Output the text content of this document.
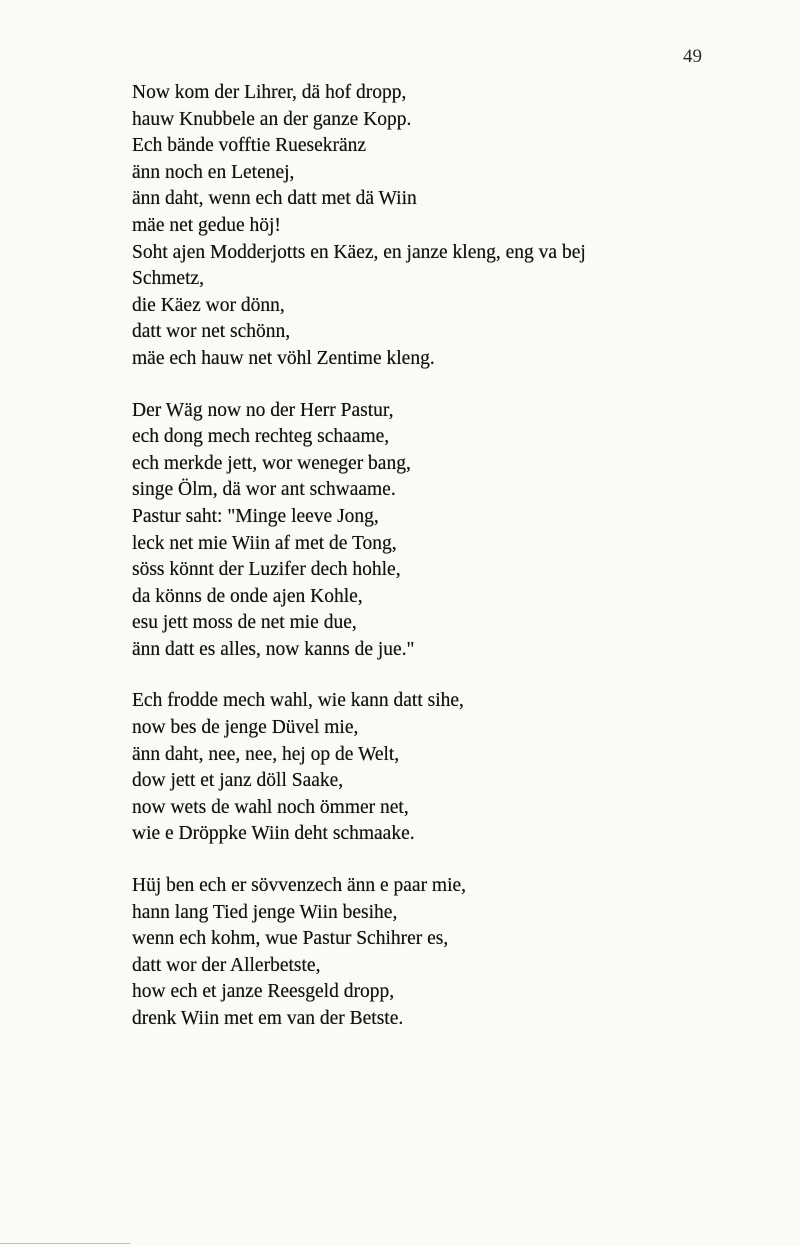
49
Now kom der Lihrer, dä hof dropp,
hauw Knubbele an der ganze Kopp.
Ech bände vofftie Ruesekränz
änn noch en Letenej,
änn daht, wenn ech datt met dä Wiin
mäe net gedue höj!
Soht ajen Modderjotts en Käez, en janze kleng, eng va bej
Schmetz,
die Käez wor dönn,
datt wor net schönn,
mäe ech hauw net vöhl Zentime kleng.
Der Wäg now no der Herr Pastur,
ech dong mech rechteg schaame,
ech merkde jett, wor weneger bang,
singe Ölm, dä wor ant schwaame.
Pastur saht: "Minge leeve Jong,
leck net mie Wiin af met de Tong,
söss könnt der Luzifer dech hohle,
da könns de onde ajen Kohle,
esu jett moss de net mie due,
änn datt es alles, now kanns de jue."
Ech frodde mech wahl, wie kann datt sihe,
now bes de jenge Düvel mie,
änn daht, nee, nee, hej op de Welt,
dow jett et janz döll Saake,
now wets de wahl noch ömmer net,
wie e Dröppke Wiin deht schmaake.
Hüj ben ech er sövvenzech änn e paar mie,
hann lang Tied jenge Wiin besihe,
wenn ech kohm, wue Pastur Schihrer es,
datt wor der Allerbetste,
how ech et janze Reesgeld dropp,
drenk Wiin met em van der Betste.
